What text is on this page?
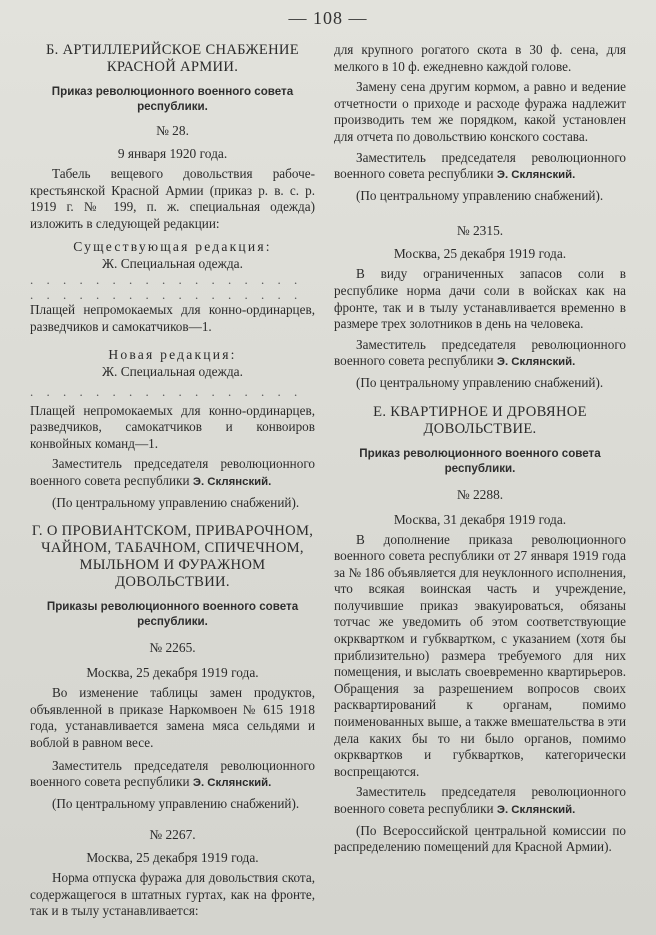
— 108 —

Б. АРТИЛЛЕРИЙСКОЕ СНАБЖЕНИЕ КРАСНОЙ АРМИИ.

Приказ революционного военного совета республики.

№ 28.

9 января 1920 года.

Табель вещевого довольствия рабоче-крестьянской Красной Армии (приказ р. в. с. р. 1919 г. № 199, п. ж. специальная одежда) изложить в следующей редакции:

Существующая редакция:

Ж. Специальная одежда.

. . . . . . . . . . . . . . . . .

. . . . . . . . . . . . . . . . .

Плащей непромокаемых для конно-ординарцев, разведчиков и самокатчиков—1.

Новая редакция:

Ж. Специальная одежда.

. . . . . . . . . . . . . . . . .

Плащей непромокаемых для конно-ординарцев, разведчиков, самокатчиков и конвоиров конвойных команд—1.

Заместитель председателя революционного военного совета республики Э. Склянский.

(По центральному управлению снабжений).

Г. О ПРОВИАНТСКОМ, ПРИВАРОЧНОМ, ЧАЙНОМ, ТАБАЧНОМ, СПИЧЕЧНОМ, МЫЛЬНОМ И ФУРАЖНОМ ДОВОЛЬСТВИИ.

Приказы революционного военного совета республики.

№ 2265.

Москва, 25 декабря 1919 года.

Во изменение таблицы замен продуктов, объявленной в приказе Наркомвоен № 615 1918 года, устанавливается замена мяса сельдями и воблой в равном весе.

Заместитель председателя революционного военного совета республики Э. Склянский.

(По центральному управлению снабжений).

№ 2267.

Москва, 25 декабря 1919 года.

Норма отпуска фуража для довольствия скота, содержащегося в штатных гуртах, как на фронте, так и в тылу устанавливается:

для крупного рогатого скота в 30 ф. сена, для мелкого в 10 ф. ежедневно каждой голове.

Замену сена другим кормом, а равно и ведение отчетности о приходе и расходе фуража надлежит производить тем же порядком, какой установлен для отчета по довольствию конского состава.

Заместитель председателя революционного военного совета республики Э. Склянский.

(По центральному управлению снабжений).

№ 2315.

Москва, 25 декабря 1919 года.

В виду ограниченных запасов соли в республике норма дачи соли в войсках как на фронте, так и в тылу устанавливается временно в размере трех золотников в день на человека.

Заместитель председателя революционного военного совета республики Э. Склянский.

(По центральному управлению снабжений).

Е. КВАРТИРНОЕ И ДРОВЯНОЕ ДОВОЛЬСТВИЕ.

Приказ революционного военного совета республики.

№ 2288.

Москва, 31 декабря 1919 года.

В дополнение приказа революционного военного совета республики от 27 января 1919 года за № 186 объявляется для неуклонного исполнения, что всякая воинская часть и учреждение, получившие приказ эвакуироваться, обязаны тотчас же уведомить об этом соответствующие окрквартком и губквартком, с указанием (хотя бы приблизительно) размера требуемого для них помещения, и выслать своевременно квартирьеров. Обращения за разрешением вопросов своих расквартирований к органам, помимо поименованных выше, а также вмешательства в эти дела каких бы то ни было органов, помимо окрквартков и губквартков, категорически воспрещаются.

Заместитель председателя революционного военного совета республики Э. Склянский.

(По Всероссийской центральной комиссии по распределению помещений для Красной Армии).
